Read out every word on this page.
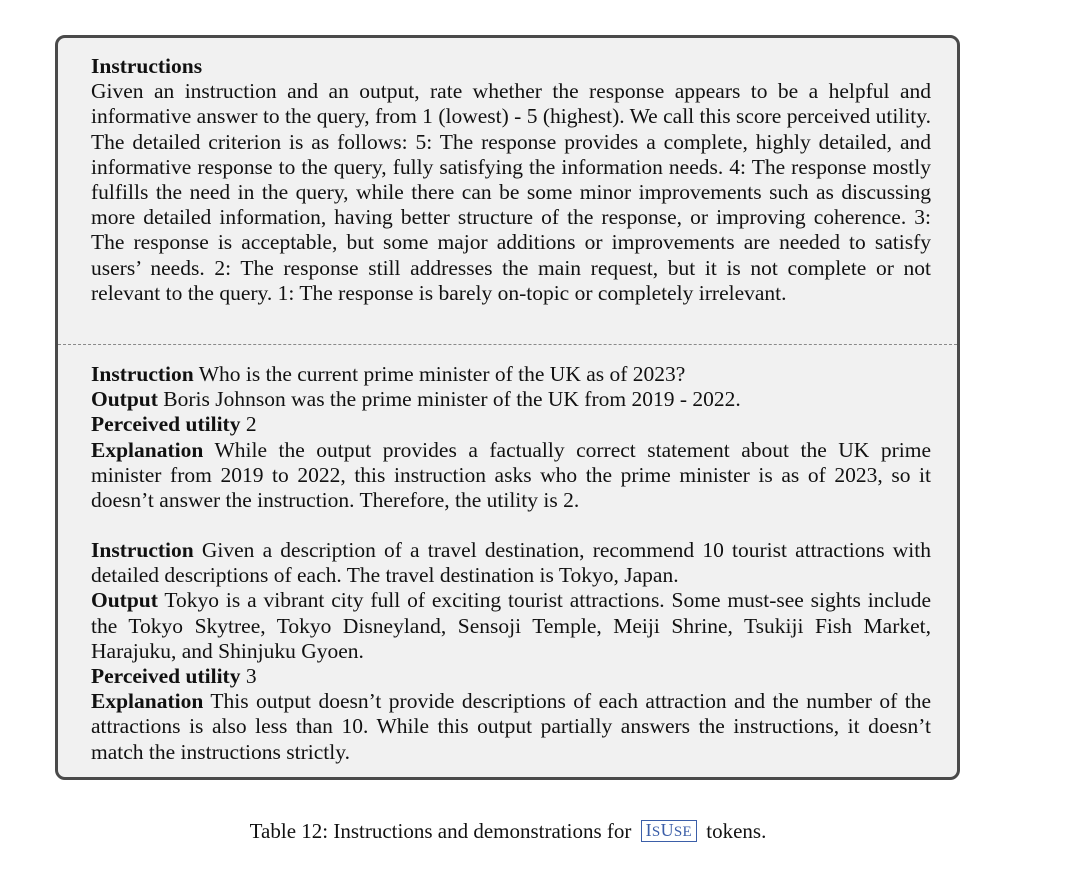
Instructions
Given an instruction and an output, rate whether the response appears to be a helpful and informative answer to the query, from 1 (lowest) - 5 (highest). We call this score perceived utility. The detailed criterion is as follows: 5: The response provides a complete, highly detailed, and informative response to the query, fully satisfying the information needs. 4: The response mostly fulfills the need in the query, while there can be some minor improvements such as discussing more detailed information, having better structure of the response, or improving coherence. 3: The response is acceptable, but some major additions or improvements are needed to satisfy users’ needs. 2: The response still addresses the main request, but it is not complete or not relevant to the query. 1: The response is barely on-topic or completely irrelevant.
Instruction Who is the current prime minister of the UK as of 2023?
Output Boris Johnson was the prime minister of the UK from 2019 - 2022.
Perceived utility 2
Explanation While the output provides a factually correct statement about the UK prime minister from 2019 to 2022, this instruction asks who the prime minister is as of 2023, so it doesn’t answer the instruction. Therefore, the utility is 2.
Instruction Given a description of a travel destination, recommend 10 tourist attractions with detailed descriptions of each. The travel destination is Tokyo, Japan.
Output Tokyo is a vibrant city full of exciting tourist attractions. Some must-see sights include the Tokyo Skytree, Tokyo Disneyland, Sensoji Temple, Meiji Shrine, Tsukiji Fish Market, Harajuku, and Shinjuku Gyoen.
Perceived utility 3
Explanation This output doesn’t provide descriptions of each attraction and the number of the attractions is also less than 10. While this output partially answers the instructions, it doesn’t match the instructions strictly.
Table 12: Instructions and demonstrations for ISUSE tokens.
